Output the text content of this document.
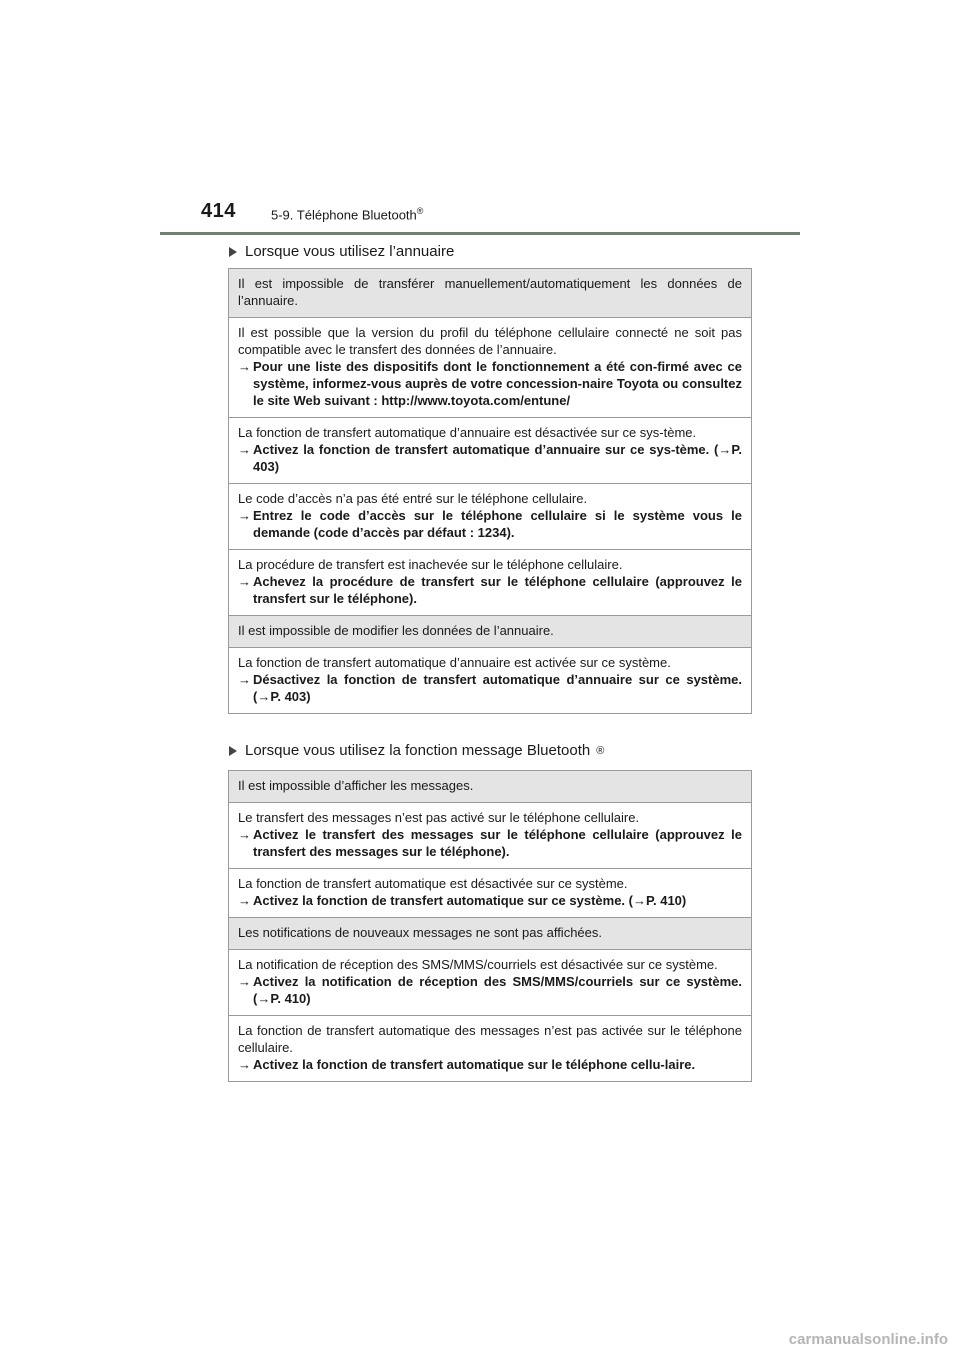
414	5-9. Téléphone Bluetooth®
Lorsque vous utilisez l’annuaire
Il est impossible de transférer manuellement/automatiquement les données de l’annuaire.
Il est possible que la version du profil du téléphone cellulaire connecté ne soit pas compatible avec le transfert des données de l’annuaire.
→ Pour une liste des dispositifs dont le fonctionnement a été con-firmé avec ce système, informez-vous auprès de votre concession-naire Toyota ou consultez le site Web suivant : http://www.toyota.com/entune/
La fonction de transfert automatique d’annuaire est désactivée sur ce sys-tème.
→ Activez la fonction de transfert automatique d’annuaire sur ce sys-tème. (→P. 403)
Le code d’accès n’a pas été entré sur le téléphone cellulaire.
→ Entrez le code d’accès sur le téléphone cellulaire si le système vous le demande (code d’accès par défaut : 1234).
La procédure de transfert est inachevée sur le téléphone cellulaire.
→ Achevez la procédure de transfert sur le téléphone cellulaire (approuvez le transfert sur le téléphone).
Il est impossible de modifier les données de l’annuaire.
La fonction de transfert automatique d’annuaire est activée sur ce système.
→ Désactivez la fonction de transfert automatique d’annuaire sur ce système. (→P. 403)
Lorsque vous utilisez la fonction message Bluetooth ®
Il est impossible d’afficher les messages.
Le transfert des messages n’est pas activé sur le téléphone cellulaire.
→ Activez le transfert des messages sur le téléphone cellulaire (approuvez le transfert des messages sur le téléphone).
La fonction de transfert automatique est désactivée sur ce système.
→ Activez la fonction de transfert automatique sur ce système. (→P. 410)
Les notifications de nouveaux messages ne sont pas affichées.
La notification de réception des SMS/MMS/courriels est désactivée sur ce système.
→ Activez la notification de réception des SMS/MMS/courriels sur ce système. (→P. 410)
La fonction de transfert automatique des messages n’est pas activée sur le téléphone cellulaire.
→ Activez la fonction de transfert automatique sur le téléphone cellu-laire.
carmanualsonline.info
